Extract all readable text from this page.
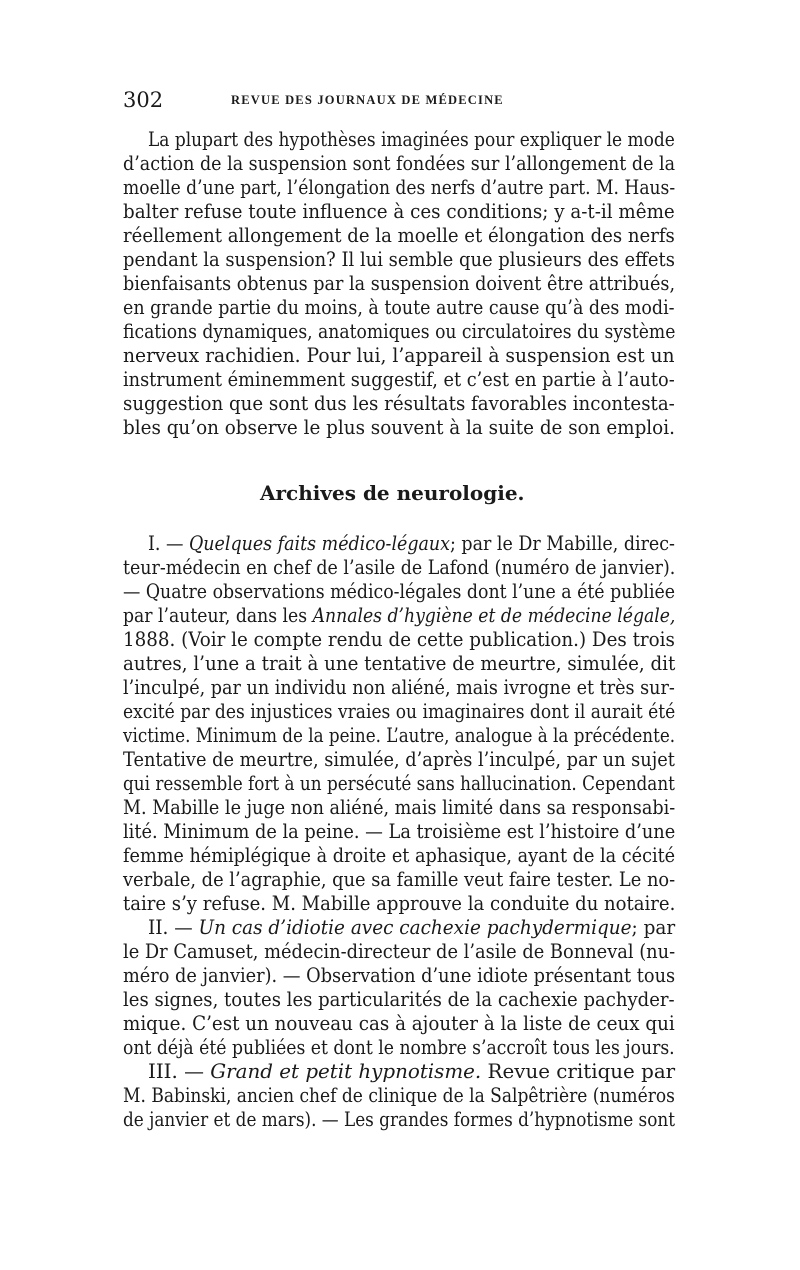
302	REVUE DES JOURNAUX DE MÉDECINE
La plupart des hypothèses imaginées pour expliquer le mode
d’action de la suspension sont fondées sur l’allongement de la
moelle d’une part, l’élongation des nerfs d’autre part. M. Haus-
balter refuse toute influence à ces conditions; y a-t-il même
réellement allongement de la moelle et élongation des nerfs
pendant la suspension? Il lui semble que plusieurs des effets
bienfaisants obtenus par la suspension doivent être attribués,
en grande partie du moins, à toute autre cause qu’à des modi-
fications dynamiques, anatomiques ou circulatoires du système
nerveux rachidien. Pour lui, l’appareil à suspension est un
instrument éminemment suggestif, et c’est en partie à l’auto-
suggestion que sont dus les résultats favorables incontesta-
bles qu’on observe le plus souvent à la suite de son emploi.
Archives de neurologie.
I. — Quelques faits médico-légaux; par le Dr Mabille, direc-
teur-médecin en chef de l’asile de Lafond (numéro de janvier).
— Quatre observations médico-légales dont l’une a été publiée
par l’auteur, dans les Annales d’hygiène et de médecine légale,
1888. (Voir le compte rendu de cette publication.) Des trois
autres, l’une a trait à une tentative de meurtre, simulée, dit
l’inculpé, par un individu non aliéné, mais ivrogne et très sur-
excité par des injustices vraies ou imaginaires dont il aurait été
victime. Minimum de la peine. L’autre, analogue à la précédente.
Tentative de meurtre, simulée, d’après l’inculpé, par un sujet
qui ressemble fort à un persécuté sans hallucination. Cependant
M. Mabille le juge non aliéné, mais limité dans sa responsabi-
lité. Minimum de la peine. — La troisième est l’histoire d’une
femme hémiplégique à droite et aphasique, ayant de la cécité
verbale, de l’agraphie, que sa famille veut faire tester. Le no-
taire s’y refuse. M. Mabille approuve la conduite du notaire.
II. — Un cas d’idiotie avec cachexie pachydermique; par
le Dr Camuset, médecin-directeur de l’asile de Bonneval (nu-
méro de janvier). — Observation d’une idiote présentant tous
les signes, toutes les particularités de la cachexie pachyder-
mique. C’est un nouveau cas à ajouter à la liste de ceux qui
ont déjà été publiées et dont le nombre s’accroît tous les jours.
III. — Grand et petit hypnotisme. Revue critique par
M. Babinski, ancien chef de clinique de la Salpêtrière (numéros
de janvier et de mars). — Les grandes formes d’hypnotisme sont
